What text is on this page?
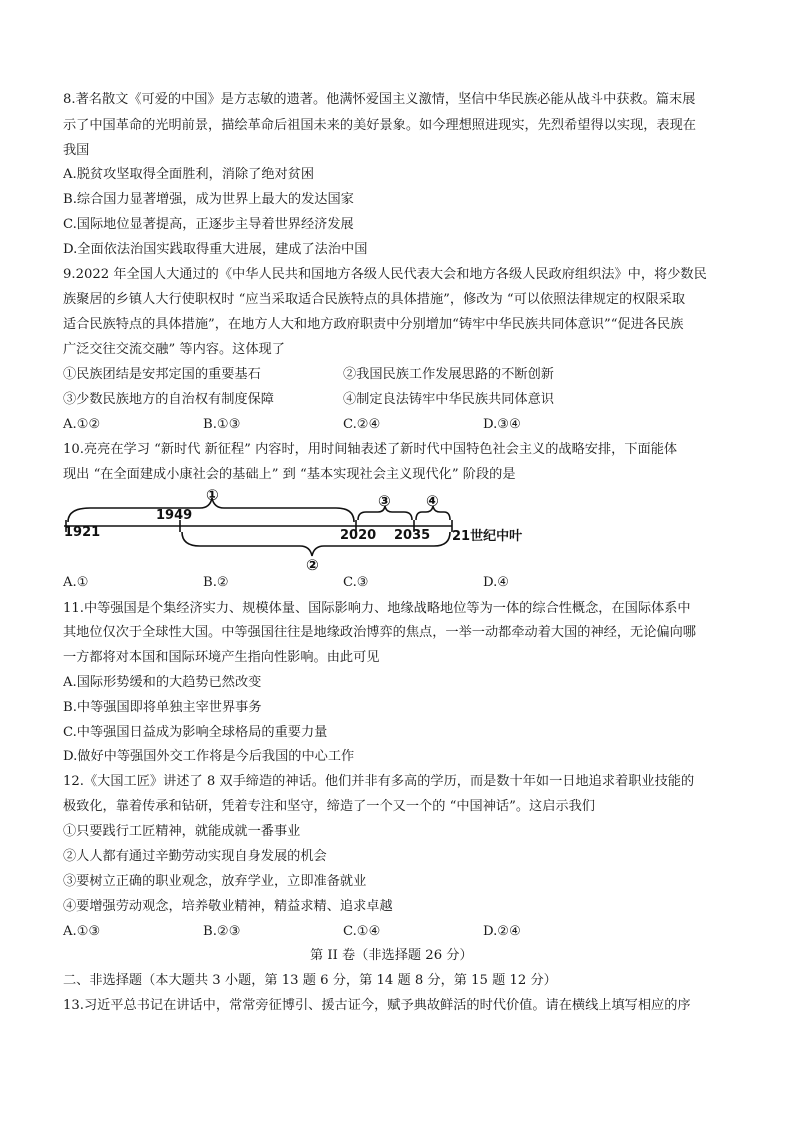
8.著名散文《可爱的中国》是方志敏的遗著。他满怀爱国主义激情，坚信中华民族必能从战斗中获救。篇末展
示了中国革命的光明前景，描绘革命后祖国未来的美好景象。如今理想照进现实，先烈希望得以实现，表现在
我国
A.脱贫攻坚取得全面胜利，消除了绝对贫困
B.综合国力显著增强，成为世界上最大的发达国家
C.国际地位显著提高，正逐步主导着世界经济发展
D.全面依法治国实践取得重大进展，建成了法治中国
9.2022 年全国人大通过的《中华人民共和国地方各级人民代表大会和地方各级人民政府组织法》中，将少数民
族聚居的乡镇人大行使职权时 “应当采取适合民族特点的具体措施”，修改为 “可以依照法律规定的权限采取
适合民族特点的具体措施”，在地方人大和地方政府职责中分别增加“铸牢中华民族共同体意识”“促进各民族
广泛交往交流交融” 等内容。这体现了
①民族团结是安邦定国的重要基石	②我国民族工作发展思路的不断创新
③少数民族地方的自治权有制度保障	④制定良法铸牢中华民族共同体意识
A.①②	B.①③	C.②④	D.③④
10.亮亮在学习 “新时代 新征程” 内容时，用时间轴表述了新时代中国特色社会主义的战略安排，下面能体
现出 “在全面建成小康社会的基础上” 到 “基本实现社会主义现代化” 阶段的是
1921
1949
2020 2035 21世纪中叶
①
②
③ ④
A.①	B.②	C.③	D.④
11.中等强国是个集经济实力、规模体量、国际影响力、地缘战略地位等为一体的综合性概念，在国际体系中
其地位仅次于全球性大国。中等强国往往是地缘政治博弈的焦点，一举一动都牵动着大国的神经，无论偏向哪
一方都将对本国和国际环境产生指向性影响。由此可见
A.国际形势缓和的大趋势已然改变
B.中等强国即将单独主宰世界事务
C.中等强国日益成为影响全球格局的重要力量
D.做好中等强国外交工作将是今后我国的中心工作
12.《大国工匠》讲述了 8 双手缔造的神话。他们并非有多高的学历，而是数十年如一日地追求着职业技能的
极致化，靠着传承和钻研，凭着专注和坚守，缔造了一个又一个的 “中国神话”。这启示我们
①只要践行工匠精神，就能成就一番事业
②人人都有通过辛勤劳动实现自身发展的机会
③要树立正确的职业观念，放弃学业，立即准备就业
④要增强劳动观念，培养敬业精神，精益求精、追求卓越
A.①③	B.②③	C.①④	D.②④
第 II 卷（非选择题 26 分）
二、非选择题（本大题共 3 小题，第 13 题 6 分，第 14 题 8 分，第 15 题 12 分）
13.习近平总书记在讲话中，常常旁征博引、援古证今，赋予典故鲜活的时代价值。请在横线上填写相应的序
